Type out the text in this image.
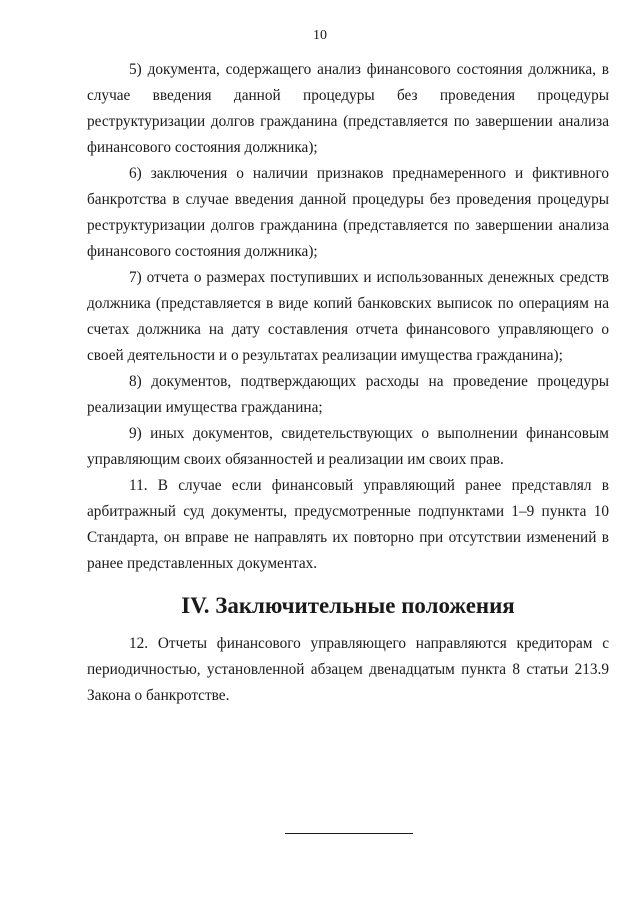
10

5) документа, содержащего анализ финансового состояния должника, в случае введения данной процедуры без проведения процедуры реструктуризации долгов гражданина (представляется по завершении анализа финансового состояния должника);

6) заключения о наличии признаков преднамеренного и фиктивного банкротства в случае введения данной процедуры без проведения процедуры реструктуризации долгов гражданина (представляется по завершении анализа финансового состояния должника);

7) отчета о размерах поступивших и использованных денежных средств должника (представляется в виде копий банковских выписок по операциям на счетах должника на дату составления отчета финансового управляющего о своей деятельности и о результатах реализации имущества гражданина);

8) документов, подтверждающих расходы на проведение процедуры реализации имущества гражданина;

9) иных документов, свидетельствующих о выполнении финансовым управляющим своих обязанностей и реализации им своих прав.

11. В случае если финансовый управляющий ранее представлял в арбитражный суд документы, предусмотренные подпунктами 1–9 пункта 10 Стандарта, он вправе не направлять их повторно при отсутствии изменений в ранее представленных документах.

IV. Заключительные положения

12. Отчеты финансового управляющего направляются кредиторам с периодичностью, установленной абзацем двенадцатым пункта 8 статьи 213.9 Закона о банкротстве.
